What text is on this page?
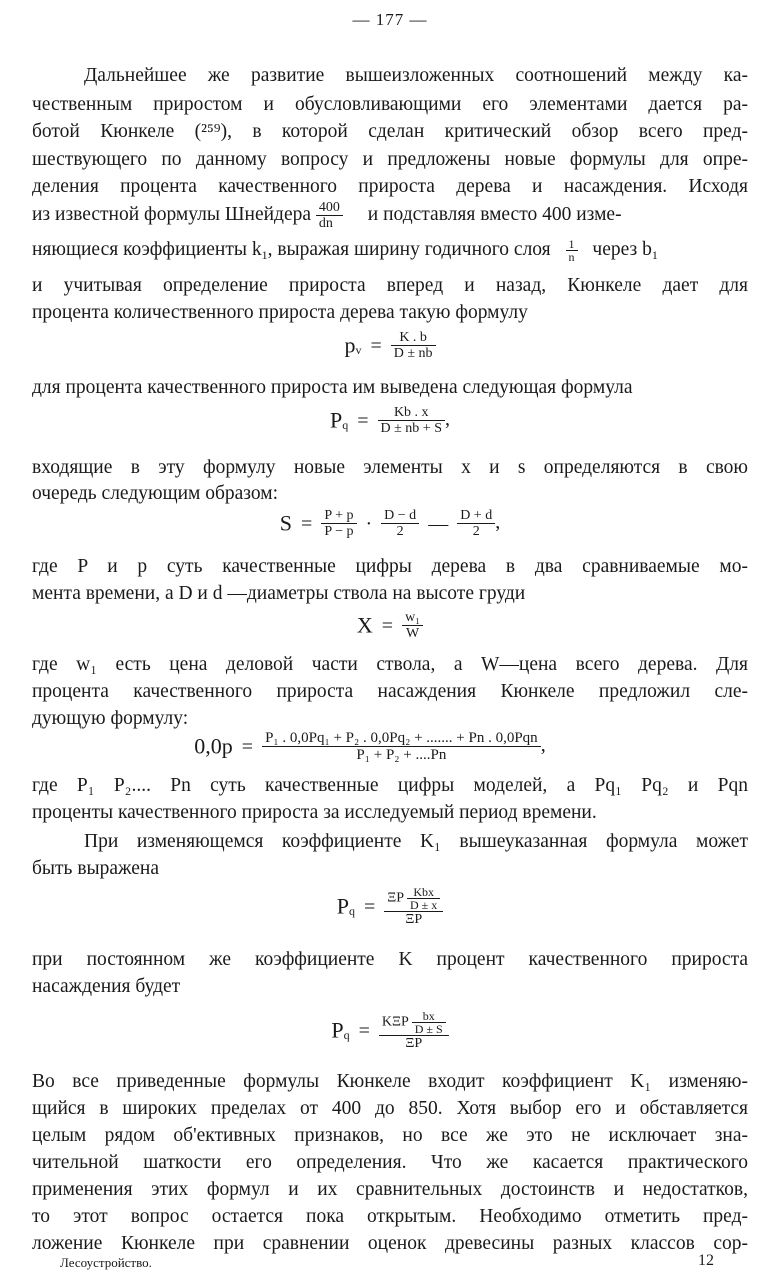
— 177 —
Дальнейшее же развитие вышеизложенных соотношений между ка-
чественным приростом и обусловливающими его элементами дается ра-
ботой Кюнкеле (²⁵⁹), в которой сделан критический обзор всего пред-
шествующего по данному вопросу и предложены новые формулы для опре-
деления процента качественного прироста дерева и насаждения. Исходя
из известной формулы Шнейдера $\frac{400}{dn}$ и подставляя вместо 400 изме-
няющиеся коэффициенты $k_1$, выражая ширину годичного слоя $\frac{1}{n}$ через $b_1$
и учитывая определение прироста вперед и назад, Кюнкеле дает для
процента количественного прироста дерева такую формулу
$p_v = \frac{K . b}{D \pm nb}$
для процента качественного прироста им выведена следующая формула
$P_q = \frac{Kb . x}{D \pm nb + S}$ ,
входящие в эту формулу новые элементы x и s определяются в свою
очередь следующим образом:
$S = \frac{P + p}{P - p} \cdot \frac{D - d}{2}$ — $\frac{D + d}{2}$ ,
где P и p суть качественные цифры дерева в два сравниваемые мо-
мента времени, а D и d —диаметры ствола на высоте груди
$X = \frac{\text{w₁}}{W}$
где w₁ есть цена деловой части ствола, а W—цена всего дерева. Для
процента качественного прироста насаждения Кюнкеле предложил сле-
дующую формулу:
$0,0p = \frac{\text{P₁ . 0,0Pq₁ + P₂ . 0,0Pq₂ + ....... + Pn . 0,0Pqn}}{\text{P₁ + P₂ + ....Pn}}$ ,
где P₁ P₂.... Pn суть качественные цифры моделей, а Pq₁ Pq₂ и Pqn
проценты качественного прироста за исследуемый период времени.
При изменяющемся коэффициенте K₁ вышеуказанная формула может
быть выражена
$P_q = \frac{\Xi P \frac{\text{Kbx}}{D \pm x}}{\Xi P}$
при постоянном же коэффициенте K процент качественного прироста
насаждения будет
$P_q = \frac{K\Xi P \frac{bx}{D \pm S}}{\Xi P}$
Во все приведенные формулы Кюнкеле входит коэффициент K₁ изменяю-
щийся в широких пределах от 400 до 850. Хотя выбор его и обставляется
целым рядом об'ективных признаков, но все же это не исключает зна-
чительной шаткости его определения. Что же касается практического
применения этих формул и их сравнительных достоинств и недостатков,
то этот вопрос остается пока открытым. Необходимо отметить пред-
ложение Кюнкеле при сравнении оценок древесины разных классов сор-
Лесоустройство.	12
